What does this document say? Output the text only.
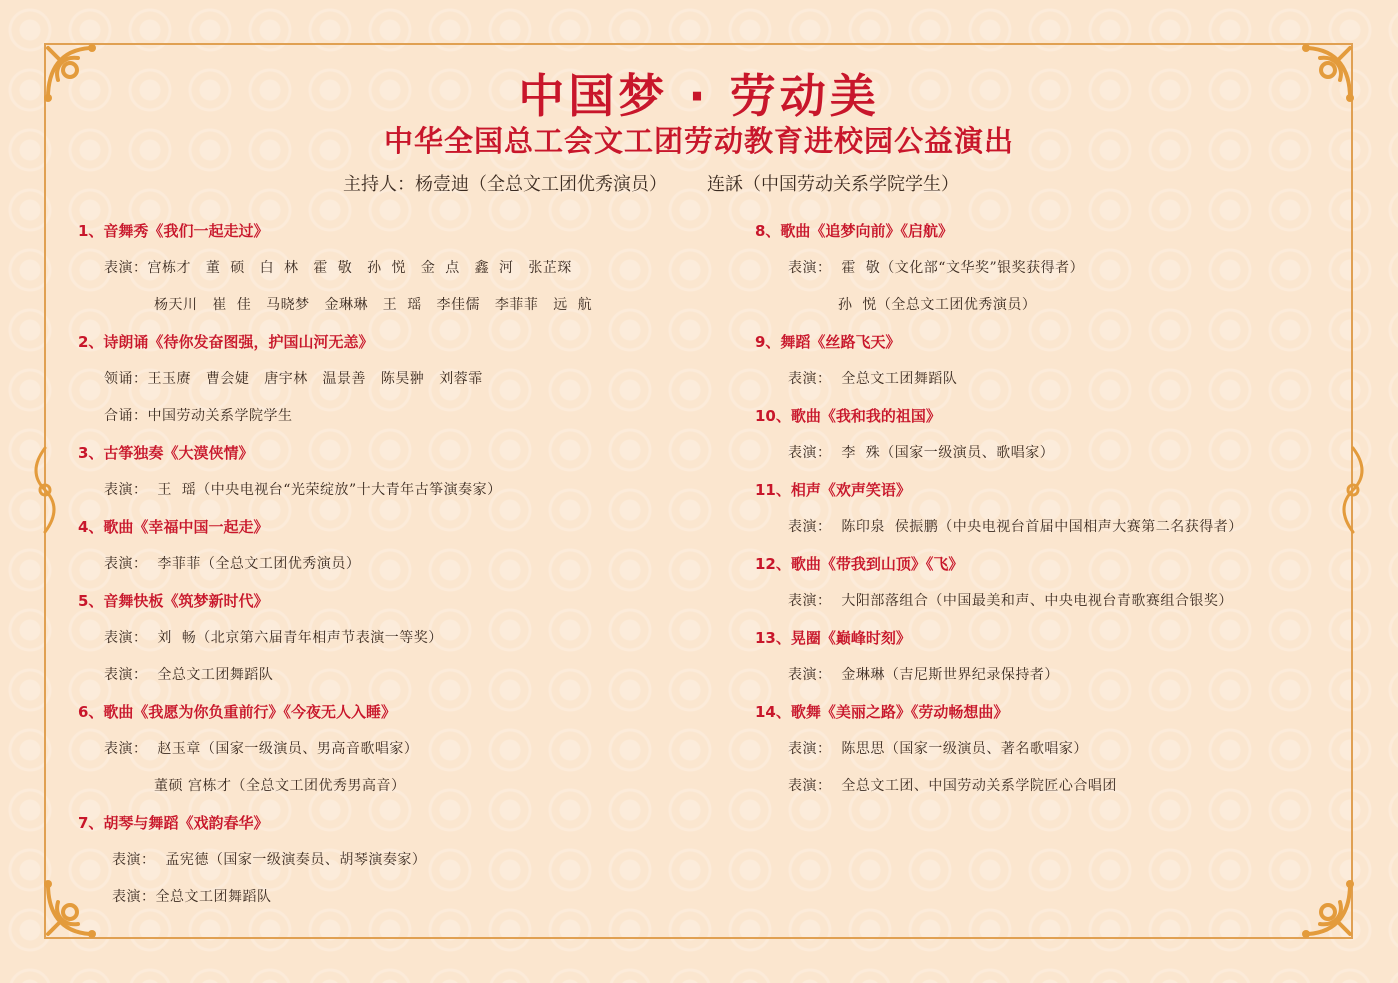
中国梦 · 劳动美
中华全国总工会文工团劳动教育进校园公益演出
主持人：杨壹迪（全总文工团优秀演员） 连訸（中国劳动关系学院学生）
1、音舞秀《我们一起走过》
表演：宫栋才   董  硕   白  林   霍  敬   孙  悦   金  点   鑫  河   张芷琛
杨天川   崔  佳   马晓梦   金琳琳   王  瑶   李佳儒   李菲菲   远  航
2、诗朗诵《待你发奋图强，护国山河无恙》
领诵：王玉赓   曹会婕   唐宇林   温景善   陈昊翀   刘蓉霏
合诵：中国劳动关系学院学生
3、古筝独奏《大漠侠情》
表演：  王  瑶（中央电视台“光荣绽放”十大青年古筝演奏家）
4、歌曲《幸福中国一起走》
表演：  李菲菲（全总文工团优秀演员）
5、音舞快板《筑梦新时代》
表演：  刘  畅（北京第六届青年相声节表演一等奖）
表演：  全总文工团舞蹈队
6、歌曲《我愿为你负重前行》《今夜无人入睡》
表演：  赵玉章（国家一级演员、男高音歌唱家）
董硕 宫栋才（全总文工团优秀男高音）
7、胡琴与舞蹈《戏韵春华》
表演：  孟宪德（国家一级演奏员、胡琴演奏家）
表演：全总文工团舞蹈队
8、歌曲《追梦向前》《启航》
表演：  霍  敬（文化部“文华奖”银奖获得者）
孙  悦（全总文工团优秀演员）
9、舞蹈《丝路飞天》
表演：  全总文工团舞蹈队
10、歌曲《我和我的祖国》
表演：  李  殊（国家一级演员、歌唱家）
11、相声《欢声笑语》
表演：  陈印泉  侯振鹏（中央电视台首届中国相声大赛第二名获得者）
12、歌曲《带我到山顶》《飞》
表演：  大阳部落组合（中国最美和声、中央电视台青歌赛组合银奖）
13、晃圈《巅峰时刻》
表演：  金琳琳（吉尼斯世界纪录保持者）
14、歌舞《美丽之路》《劳动畅想曲》
表演：  陈思思（国家一级演员、著名歌唱家）
表演：  全总文工团、中国劳动关系学院匠心合唱团
